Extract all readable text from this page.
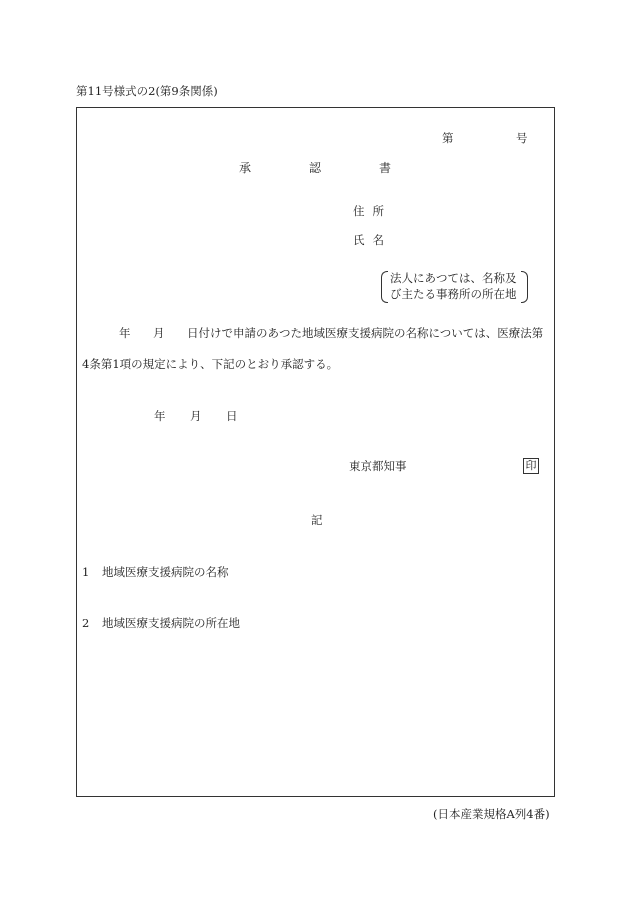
第11号様式の2(第9条関係)
第	号
承	認	書
住所
氏名
法人にあつては、名称及
び主たる事務所の所在地
年 月 日付けで申請のあつた地域医療支援病院の名称については、医療法第
4条第1項の規定により、下記のとおり承認する。
年 月 日
東京都知事	印
記
1 地域医療支援病院の名称
2 地域医療支援病院の所在地
(日本産業規格A列4番)
